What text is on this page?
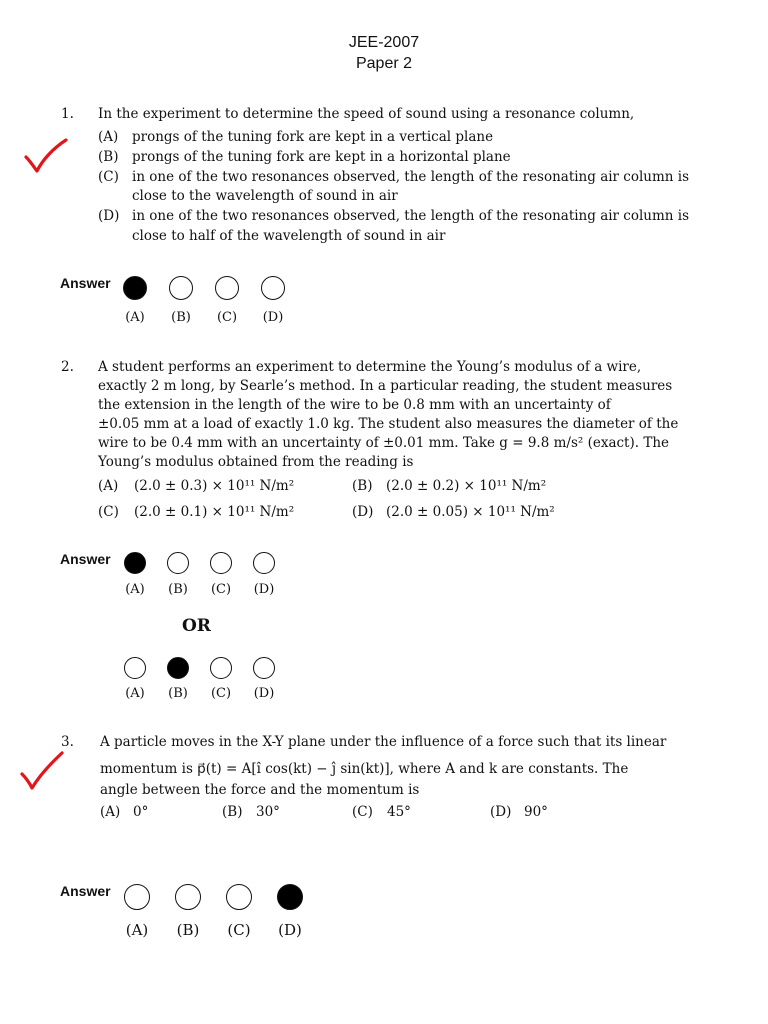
JEE-2007
Paper 2
1. In the experiment to determine the speed of sound using a resonance column,
(A) prongs of the tuning fork are kept in a vertical plane
(B) prongs of the tuning fork are kept in a horizontal plane
(C) in one of the two resonances observed, the length of the resonating air column is
close to the wavelength of sound in air
(D) in one of the two resonances observed, the length of the resonating air column is
close to half of the wavelength of sound in air
Answer
2. A student performs an experiment to determine the Young’s modulus of a wire,
exactly 2 m long, by Searle’s method. In a particular reading, the student measures
the extension in the length of the wire to be 0.8 mm with an uncertainty of
±0.05 mm at a load of exactly 1.0 kg. The student also measures the diameter of the
wire to be 0.4 mm with an uncertainty of ±0.01 mm. Take g = 9.8 m/s² (exact). The
Young’s modulus obtained from the reading is
(A) (2.0 ± 0.3) × 10¹¹ N/m²	(B) (2.0 ± 0.2) × 10¹¹ N/m²
(C) (2.0 ± 0.1) × 10¹¹ N/m²	(D) (2.0 ± 0.05) × 10¹¹ N/m²
Answer
OR
3. A particle moves in the X-Y plane under the influence of a force such that its linear
momentum is p⃗(t) = A[î cos(kt) − ĵ sin(kt)], where A and k are constants. The
angle between the force and the momentum is
(A) 0°	(B) 30°	(C) 45°	(D) 90°
Answer
(A)	(B)	(C)	(D)
(A)	(B)	(C)	(D)
(A)	(B)	(C)	(D)
(A)	(B)	(C)	(D)
